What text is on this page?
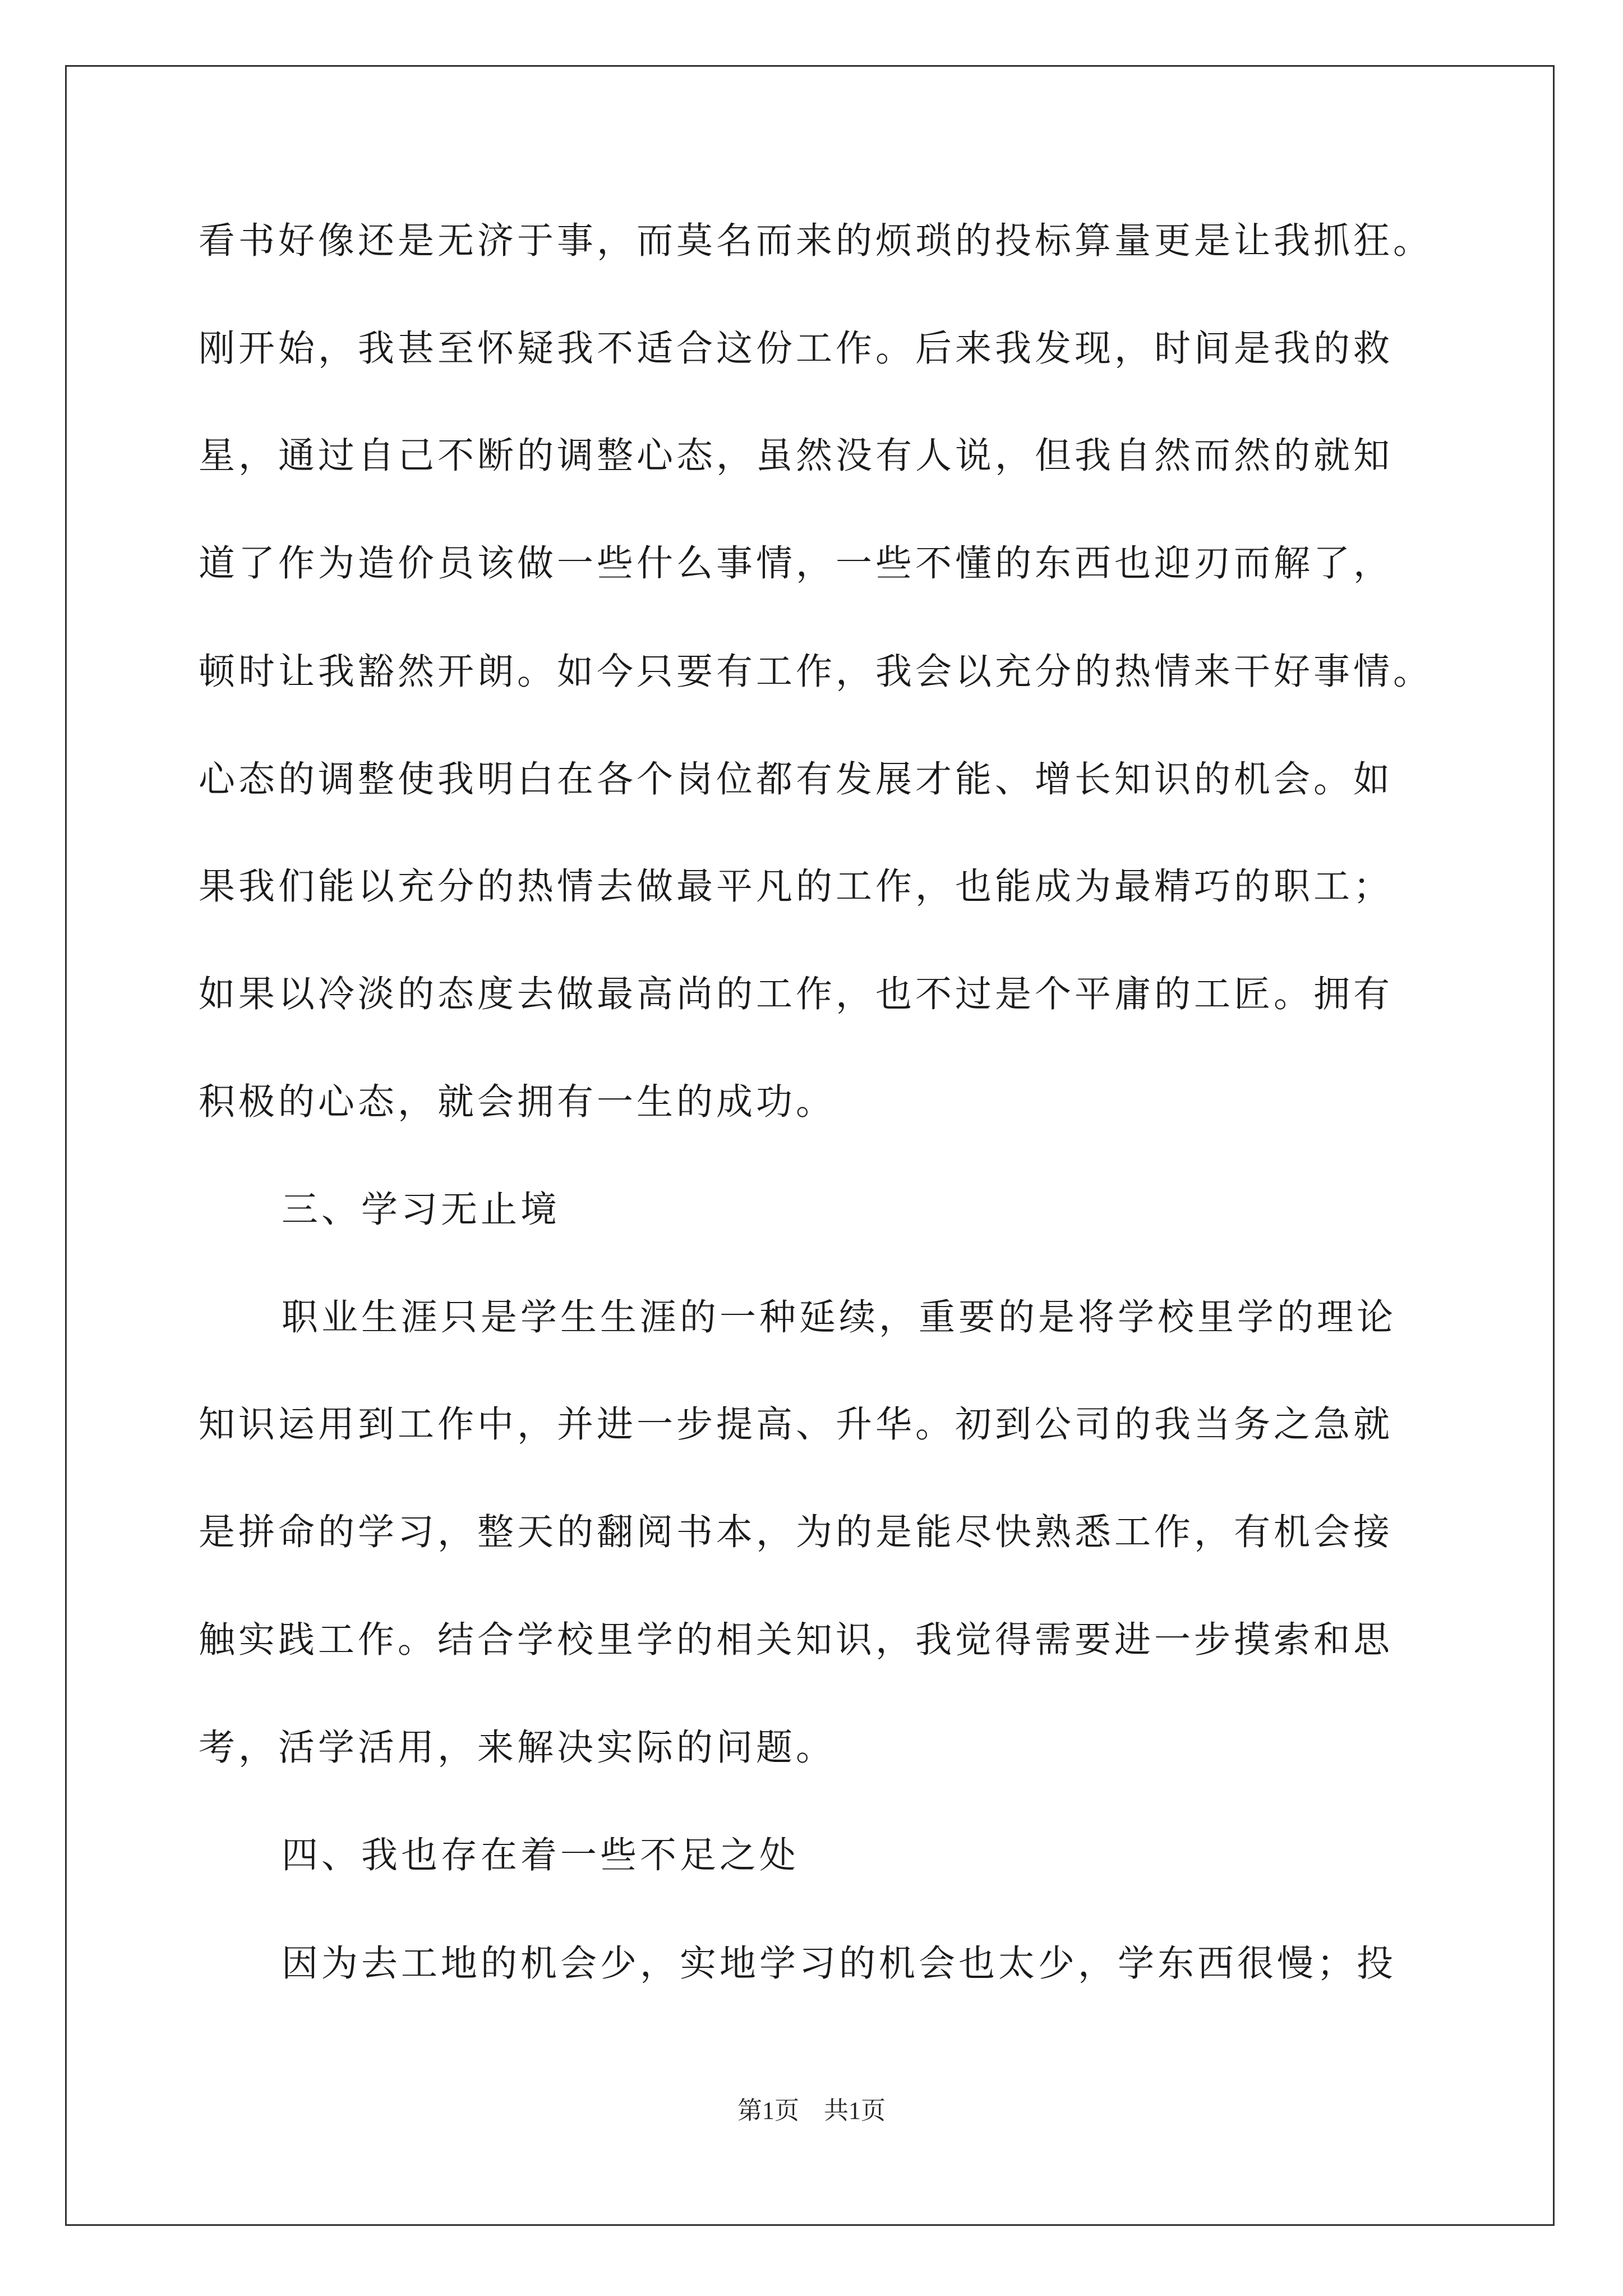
看书好像还是无济于事，而莫名而来的烦琐的投标算量更是让我抓狂。
刚开始，我甚至怀疑我不适合这份工作。后来我发现，时间是我的救
星，通过自己不断的调整心态，虽然没有人说，但我自然而然的就知
道了作为造价员该做一些什么事情，一些不懂的东西也迎刃而解了，
顿时让我豁然开朗。如今只要有工作，我会以充分的热情来干好事情。
心态的调整使我明白在各个岗位都有发展才能、增长知识的机会。如
果我们能以充分的热情去做最平凡的工作，也能成为最精巧的职工；
如果以冷淡的态度去做最高尚的工作，也不过是个平庸的工匠。拥有
积极的心态，就会拥有一生的成功。
三、学习无止境
职业生涯只是学生生涯的一种延续，重要的是将学校里学的理论
知识运用到工作中，并进一步提高、升华。初到公司的我当务之急就
是拼命的学习，整天的翻阅书本，为的是能尽快熟悉工作，有机会接
触实践工作。结合学校里学的相关知识，我觉得需要进一步摸索和思
考，活学活用，来解决实际的问题。
四、我也存在着一些不足之处
因为去工地的机会少，实地学习的机会也太少，学东西很慢；投
第1页　共1页
